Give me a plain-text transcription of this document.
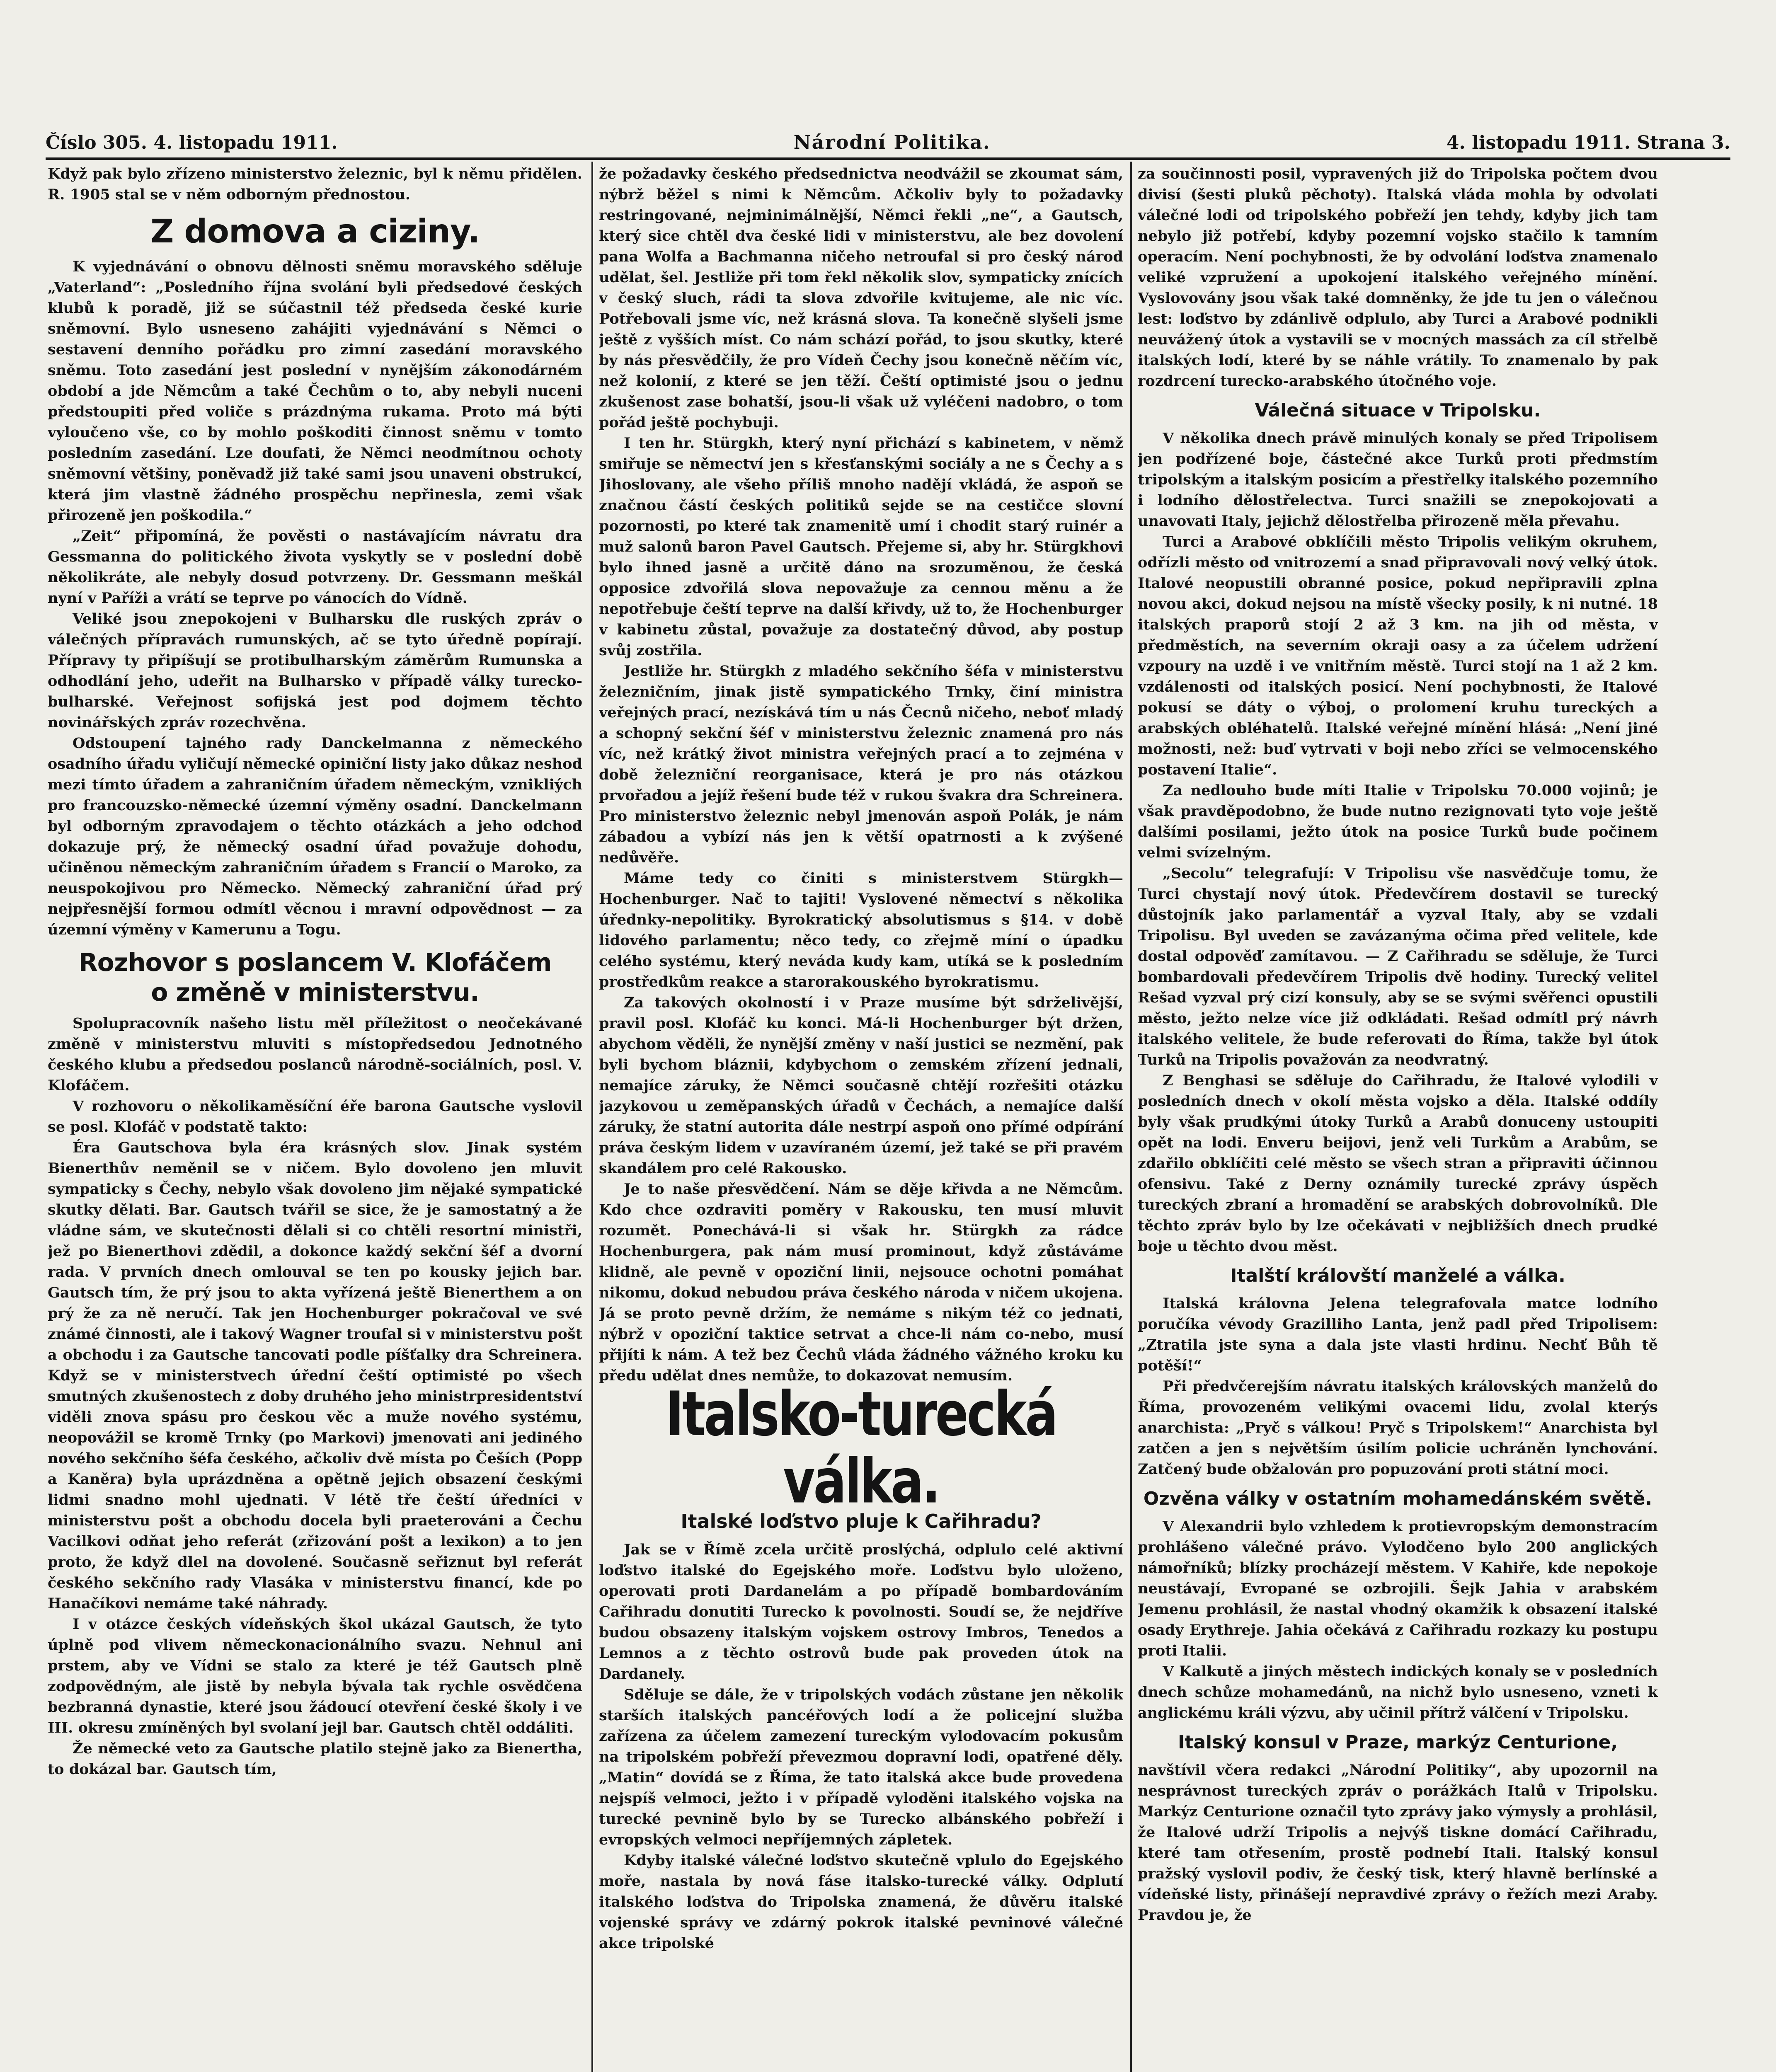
Číslo 305. 4. listopadu 1911.	Národní Politika.	4. listopadu 1911. Strana 3.

Když pak bylo zřízeno ministerstvo železnic, byl k němu přidělen. R. 1905 stal se v něm odborným přednostou.

Z domova a ciziny.

K vyjednávání o obnovu dělnosti sněmu moravského sděluje „Vaterland“: „Posledního října svolání byli předsedové českých klubů k poradě, již se súčastnil též předseda české kurie sněmovní. Bylo usneseno zahájiti vyjednávání s Němci o sestavení denního pořádku pro zimní zasedání moravského sněmu. Toto zasedání jest poslední v nynějším zákonodárném období a jde Němcům a také Čechům o to, aby nebyli nuceni předstoupiti před voliče s prázdnýma rukama. Proto má býti vyloučeno vše, co by mohlo poškoditi činnost sněmu v tomto posledním zasedání. Lze doufati, že Němci neodmítnou ochoty sněmovní většiny, poněvadž již také sami jsou unaveni obstrukcí, která jim vlastně žádného prospěchu nepřinesla, zemi však přirozeně jen poškodila.“

„Zeit“ připomíná, že pověsti o nastávajícím návratu dra Gessmanna do politického života vyskytly se v poslední době několikráte, ale nebyly dosud potvrzeny. Dr. Gessmann meškál nyní v Paříži a vrátí se teprve po vánocích do Vídně.

Veliké jsou znepokojeni v Bulharsku dle ruských zpráv o válečných přípravách rumunských, ač se tyto úředně popírají. Přípravy ty připíšují se protibulharským záměrům Rumunska a odhodlání jeho, udeřit na Bulharsko v případě války turecko-bulharské. Veřejnost sofijská jest pod dojmem těchto novinářských zpráv rozechvěna.

Odstoupení tajného rady Danckelmanna z německého osadního úřadu vyličují německé opiniční listy jako důkaz neshod mezi tímto úřadem a zahraničním úřadem německým, vznikliých pro francouzsko-německé územní výměny osadní. Danckelmann byl odborným zpravodajem o těchto otázkách a jeho odchod dokazuje prý, že německý osadní úřad považuje dohodu, učiněnou německým zahraničním úřadem s Francií o Maroko, za neuspokojivou pro Německo. Německý zahraniční úřad prý nejpřesnější formou odmítl věcnou i mravní odpovědnost — za územní výměny v Kamerunu a Togu.

Rozhovor s poslancem V. Klofáčem
o změně v ministerstvu.

Spolupracovník našeho listu měl příležitost o neočekávané změně v ministerstvu mluviti s místopředsedou Jednotného českého klubu a předsedou poslanců národně-sociálních, posl. V. Klofáčem.

V rozhovoru o několikaměsíční éře barona Gautsche vyslovil se posl. Klofáč v podstatě takto:

Éra Gautschova byla éra krásných slov. Jinak systém Bienerthův neměnil se v ničem. Bylo dovoleno jen mluvit sympaticky s Čechy, nebylo však dovoleno jim nějaké sympatické skutky dělati. Bar. Gautsch tvářil se sice, že je samostatný a že vládne sám, ve skutečnosti dělali si co chtěli resortní ministři, jež po Bienerthovi zdědil, a dokonce každý sekční šéf a dvorní rada. V prvních dnech omlouval se ten po kousky jejich bar. Gautsch tím, že prý jsou to akta vyřízená ještě Bienerthem a on prý že za ně neručí. Tak jen Hochenburger pokračoval ve své známé činnosti, ale i takový Wagner troufal si v ministerstvu pošt a obchodu i za Gautsche tancovati podle píšťalky dra Schreinera. Když se v ministerstvech úřední čeští optimisté po všech smutných zkušenostech z doby druhého jeho ministrpresidentství viděli znova spásu pro českou věc a muže nového systému, neopovážil se kromě Trnky (po Markovi) jmenovati ani jediného nového sekčního šéfa českého, ačkoliv dvě místa po Češích (Popp a Kaněra) byla uprázdněna a opětně jejich obsazení českými lidmi snadno mohl ujednati. V létě tře čeští úředníci v ministerstvu pošt a obchodu docela byli praeterováni a Čechu Vacilkovi odňat jeho referát (zřizování pošt a lexikon) a to jen proto, že když dlel na dovolené. Současně seřiznut byl referát českého sekčního rady Vlasáka v ministerstvu financí, kde po Hanačíkovi nemáme také náhrady.

I v otázce českých vídeňských škol ukázal Gautsch, že tyto úplně pod vlivem německonacionálního svazu. Nehnul ani prstem, aby ve Vídni se stalo za které je též Gautsch plně zodpovědným, ale jistě by nebyla bývala tak rychle osvědčena bezbranná dynastie, které jsou žádoucí otevření české školy i ve III. okresu zmíněných byl svolaní jejl bar. Gautsch chtěl oddáliti.

Že německé veto za Gautsche platilo stejně jako za Bienertha, to dokázal bar. Gautsch tím,

že požadavky českého předsednictva neodvážil se zkoumat sám, nýbrž běžel s nimi k Němcům. Ačkoliv byly to požadavky restringované, nejminimálnější, Němci řekli „ne“, a Gautsch, který sice chtěl dva české lidi v ministerstvu, ale bez dovolení pana Wolfa a Bachmanna ničeho netroufal si pro český národ udělat, šel. Jestliže při tom řekl několik slov, sympaticky znících v český sluch, rádi ta slova zdvořile kvitujeme, ale nic víc. Potřebovali jsme víc, než krásná slova. Ta konečně slyšeli jsme ještě z vyšších míst. Co nám schází pořád, to jsou skutky, které by nás přesvědčily, že pro Vídeň Čechy jsou konečně něčím víc, než kolonií, z které se jen těží. Čeští optimisté jsou o jednu zkušenost zase bohatší, jsou-li však už vyléčeni nadobro, o tom pořád ještě pochybuji.

I ten hr. Stürgkh, který nyní přichází s kabinetem, v němž smiřuje se němectví jen s křesťanskými sociály a ne s Čechy a s Jihoslovany, ale všeho příliš mnoho nadějí vkládá, že aspoň se značnou částí českých politiků sejde se na cestičce slovní pozornosti, po které tak znamenitě umí i chodit starý ruinér a muž salonů baron Pavel Gautsch. Přejeme si, aby hr. Stürgkhovi bylo ihned jasně a určitě dáno na srozuměnou, že česká opposice zdvořilá slova nepovažuje za cennou měnu a že nepotřebuje čeští teprve na další křivdy, už to, že Hochenburger v kabinetu zůstal, považuje za dostatečný důvod, aby postup svůj zostřila.

Jestliže hr. Stürgkh z mladého sekčního šéfa v ministerstvu železničním, jinak jistě sympatického Trnky, činí ministra veřejných prací, nezískává tím u nás Čecnů ničeho, neboť mladý a schopný sekční šéf v ministerstvu železnic znamená pro nás víc, než krátký život ministra veřejných prací a to zejména v době železniční reorganisace, která je pro nás otázkou prvořadou a jejíž řešení bude též v rukou švakra dra Schreinera. Pro ministerstvo železnic nebyl jmenován aspoň Polák, je nám zábadou a vybízí nás jen k větší opatrnosti a k zvýšené nedůvěře.

Máme tedy co činiti s ministerstvem Stürgkh—Hochenburger. Nač to tajiti! Vyslovené němectví s několika úřednky-nepolitiky. Byrokratický absolutismus s §14. v době lidového parlamentu; něco tedy, co zřejmě míní o úpadku celého systému, který neváda kudy kam, utíká se k posledním prostředkům reakce a starorakouského byrokratismu.

Za takových okolností i v Praze musíme být sdrželivější, pravil posl. Klofáč ku konci. Má-li Hochenburger být držen, abychom věděli, že nynější změny v naší justici se nezmění, pak byli bychom bláznii, kdybychom o zemském zřízení jednali, nemajíce záruky, že Němci současně chtějí rozřešiti otázku jazykovou u zeměpanských úřadů v Čechách, a nemajíce další záruky, že statní autorita dále nestrpí aspoň ono přímé odpírání práva českým lidem v uzavíraném území, jež také se při pravém skandálem pro celé Rakousko.

Je to naše přesvědčení. Nám se děje křivda a ne Němcům. Kdo chce ozdraviti poměry v Rakousku, ten musí mluvit rozumět. Ponechává-li si však hr. Stürgkh za rádce Hochenburgera, pak nám musí prominout, když zůstáváme klidně, ale pevně v opoziční linii, nejsouce ochotni pomáhat nikomu, dokud nebudou práva českého národa v ničem ukojena. Já se proto pevně držím, že nemáme s nikým též co jednati, nýbrž v opoziční taktice setrvat a chce-li nám co-nebo, musí přijíti k nám. A tež bez Čechů vláda žádného vážného kroku ku předu udělat dnes nemůže, to dokazovat nemusím.

Italsko-turecká válka.
Italské loďstvo pluje k Cařihradu?

Jak se v Římě zcela určitě proslýchá, odplulo celé aktivní loďstvo italské do Egejského moře. Loďstvu bylo uloženo, operovati proti Dardanelám a po případě bombardováním Cařihradu donutiti Turecko k povolnosti. Soudí se, že nejdříve budou obsazeny italským vojskem ostrovy Imbros, Tenedos a Lemnos a z těchto ostrovů bude pak proveden útok na Dardanely.

Sděluje se dále, že v tripolských vodách zůstane jen několik starších italských pancéřových lodí a že policejní služba zařízena za účelem zamezení tureckým vylodovacím pokusům na tripolském pobřeží převezmou dopravní lodi, opatřené děly. „Matin“ dovídá se z Říma, že tato italská akce bude provedena nejspíš velmoci, ježto i v případě vyloděni italského vojska na turecké pevnině bylo by se Turecko albánského pobřeží i evropských velmoci nepříjemných zápletek.

Kdyby italské válečné loďstvo skutečně vplulo do Egejského moře, nastala by nová fáse italsko-turecké války. Odplutí italského loďstva do Tripolska znamená, že důvěru italské vojenské správy ve zdárný pokrok italské pevninové válečné akce tripolské

za součinnosti posil, vypravených již do Tripolska počtem dvou divisí (šesti pluků pěchoty). Italská vláda mohla by odvolati válečné lodi od tripolského pobřeží jen tehdy, kdyby jich tam nebylo již potřebí, kdyby pozemní vojsko stačilo k tamním operacím. Není pochybnosti, že by odvolání loďstva znamenalo veliké vzpružení a upokojení italského veřejného mínění. Vyslovovány jsou však také domněnky, že jde tu jen o válečnou lest: loďstvo by zdánlivě odplulo, aby Turci a Arabové podnikli neuvážený útok a vystavili se v mocných massách za cíl střelbě italských lodí, které by se náhle vrátily. To znamenalo by pak rozdrcení turecko-arabského útočného voje.

Válečná situace v Tripolsku.

V několika dnech právě minulých konaly se před Tripolisem jen podřízené boje, částečné akce Turků proti předmstím tripolským a italským posicím a přestřelky italského pozemního i lodního dělostřelectva. Turci snažili se znepokojovati a unavovati Italy, jejichž dělostřelba přirozeně měla převahu.

Turci a Arabové obklíčili město Tripolis velikým okruhem, odřízli město od vnitrozemí a snad připravovali nový velký útok. Italové neopustili obranné posice, pokud nepřipravili zplna novou akci, dokud nejsou na místě všecky posily, k ni nutné. 18 italských praporů stojí 2 až 3 km. na jih od města, v předměstích, na severním okraji oasy a za účelem udržení vzpoury na uzdě i ve vnitřním městě. Turci stojí na 1 až 2 km. vzdálenosti od italských posicí. Není pochybnosti, že Italové pokusí se dáty o výboj, o prolomení kruhu tureckých a arabských obléhatelů. Italské veřejné mínění hlásá: „Není jiné možnosti, než: buď vytrvati v boji nebo zříci se velmocenského postavení Italie“.

Za nedlouho bude míti Italie v Tripolsku 70.000 vojinů; je však pravděpodobno, že bude nutno rezignovati tyto voje ještě dalšími posilami, ježto útok na posice Turků bude počinem velmi svízelným.

„Secolu“ telegrafují: V Tripolisu vše nasvědčuje tomu, že Turci chystají nový útok. Předevčírem dostavil se turecký důstojník jako parlamentář a vyzval Italy, aby se vzdali Tripolisu. Byl uveden se zavázanýma očima před velitele, kde dostal odpověď zamítavou. — Z Cařihradu se sděluje, že Turci bombardovali předevčírem Tripolis dvě hodiny. Turecký velitel Rešad vyzval prý cizí konsuly, aby se se svými svěřenci opustili město, ježto nelze více již odkládati. Rešad odmítl prý návrh italského velitele, že bude referovati do Říma, takže byl útok Turků na Tripolis považován za neodvratný.

Z Benghasi se sděluje do Cařihradu, že Italové vylodili v posledních dnech v okolí města vojsko a děla. Italské oddíly byly však prudkými útoky Turků a Arabů donuceny ustoupiti opět na lodi. Enveru beijovi, jenž veli Turkům a Arabům, se zdařilo obklíčiti celé město se všech stran a připraviti účinnou ofensivu. Také z Derny oznámily turecké zprávy úspěch tureckých zbraní a hromadění se arabských dobrovolníků. Dle těchto zpráv bylo by lze očekávati v nejbližších dnech prudké boje u těchto dvou měst.

Italští královští manželé a válka.

Italská královna Jelena telegrafovala matce lodního poručíka vévody Grazilliho Lanta, jenž padl před Tripolisem: „Ztratila jste syna a dala jste vlasti hrdinu. Nechť Bůh tě potěší!“

Při předvčerejším návratu italských královských manželů do Říma, provozeném velikými ovacemi lidu, zvolal kterýs anarchista: „Pryč s válkou! Pryč s Tripolskem!“ Anarchista byl zatčen a jen s největším úsilím policie uchráněn lynchování. Zatčený bude obžalován pro popuzování proti státní moci.

Ozvěna války v ostatním mohamedánském světě.

V Alexandrii bylo vzhledem k protievropským demonstracím prohlášeno válečné právo. Vylodčeno bylo 200 anglických námořníků; blízky procházejí městem. V Kahiře, kde nepokoje neustávají, Evropané se ozbrojili. Šejk Jahia v arabském Jemenu prohlásil, že nastal vhodný okamžik k obsazení italské osady Erythreje. Jahia očekává z Cařihradu rozkazy ku postupu proti Italii.

V Kalkutě a jiných městech indických konaly se v posledních dnech schůze mohamedánů, na nichž bylo usneseno, vzneti k anglickému králi výzvu, aby učinil přítrž válčení v Tripolsku.

Italský konsul v Praze, markýz Centurione,

navštívil včera redakci „Národní Politiky“, aby upozornil na nesprávnost tureckých zpráv o porážkách Italů v Tripolsku. Markýz Centurione označil tyto zprávy jako výmysly a prohlásil, že Italové udrží Tripolis a nejvýš tiskne domácí Cařihradu, které tam otřesením, prostě podnebí Itali. Italský konsul pražský vyslovil podiv, že český tisk, který hlavně berlínské a vídeňské listy, přinášejí nepravdivé zprávy o řežích mezi Araby. Pravdou je, že
